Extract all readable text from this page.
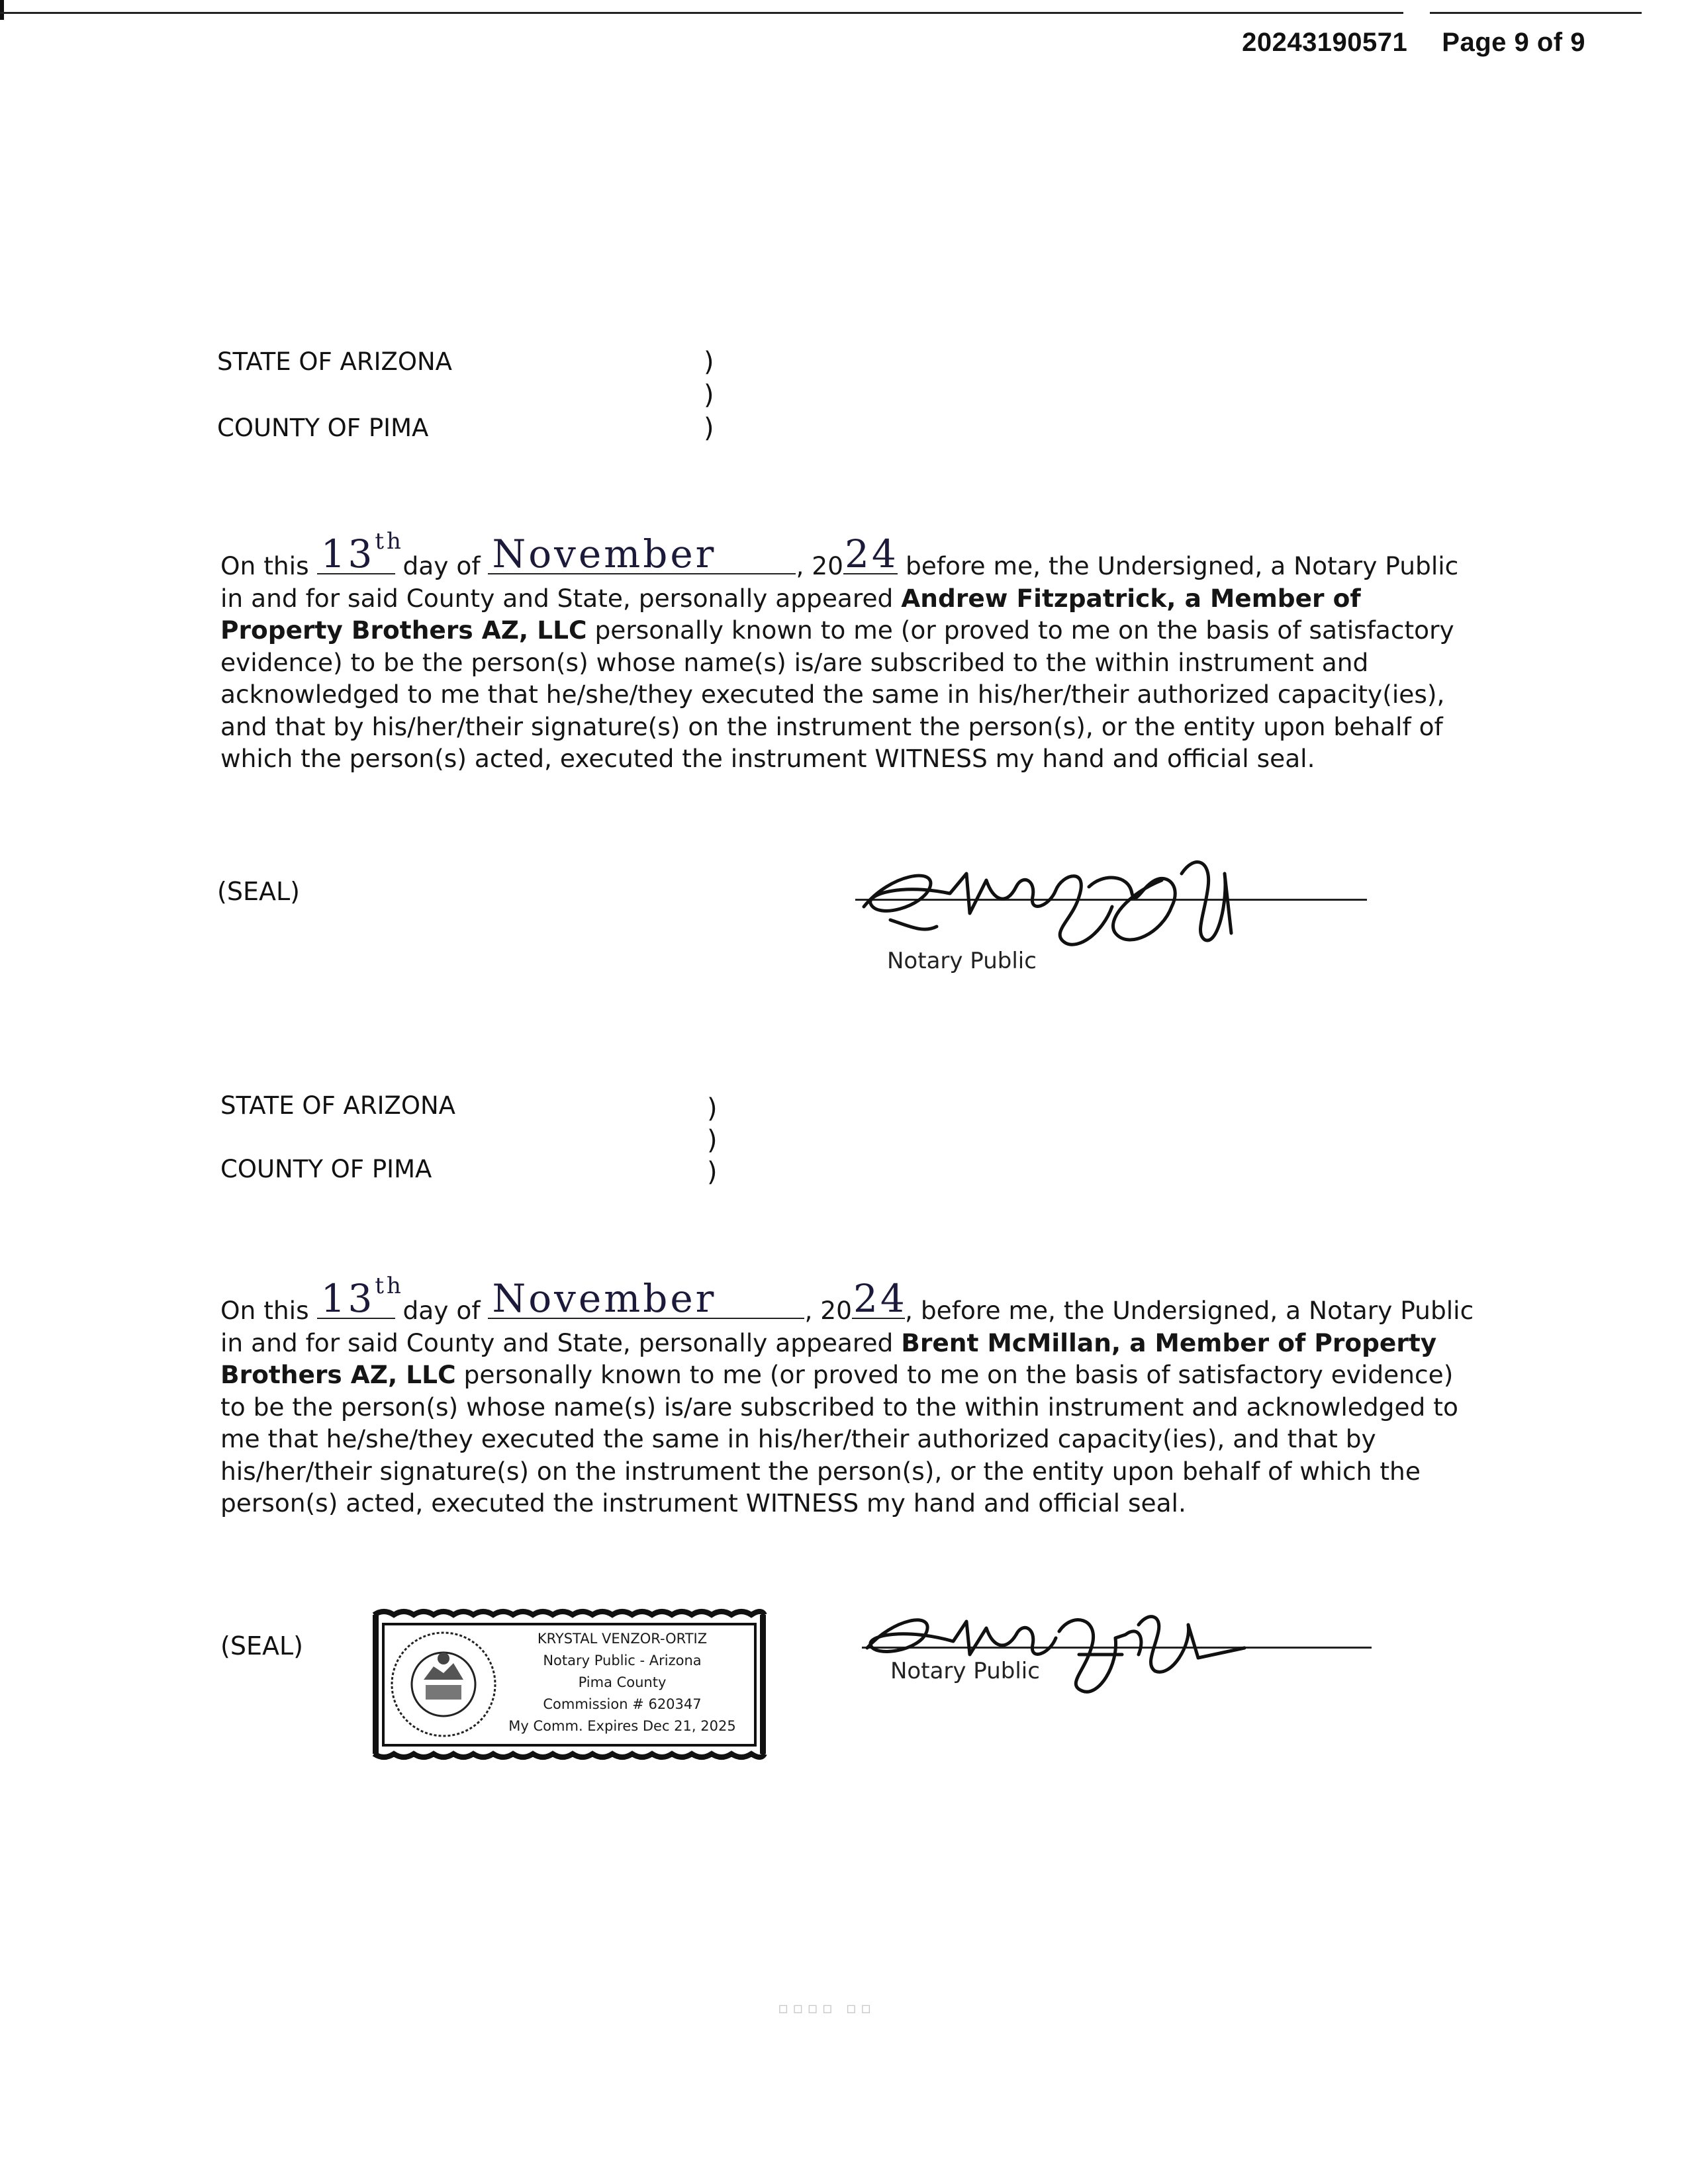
20243190571 Page 9 of 9
STATE OF ARIZONA
COUNTY OF PIMA
)
)
)

On this 13th
day of November	, 20 24 before me, the Undersigned, a Notary Public in and for said County and State, personally appeared Andrew Fitzpatrick, a Member of Property Brothers AZ, LLC personally known to me (or proved to me on the basis of satisfactory evidence) to be the person(s) whose name(s) is/are subscribed to the within instrument and acknowledged to me that he/she/they executed the same in his/her/their authorized capacity(ies), and that by his/her/their signature(s) on the instrument the person(s), or the entity upon behalf of which the person(s) acted, executed the instrument WITNESS my hand and official seal.

(SEAL)
Notary Public
STATE OF ARIZONA
COUNTY OF PIMA
)
)
)

On this 13th
day of November	, 20 24
, before me, the Undersigned, a Notary Public in and for said County and State, personally appeared Brent McMillan, a Member of Property Brothers AZ, LLC personally known to me (or proved to me on the basis of satisfactory evidence) to be the person(s) whose name(s) is/are subscribed to the within instrument and acknowledged to me that he/she/they executed the same in his/her/their authorized capacity(ies), and that by his/her/their signature(s) on the instrument the person(s), or the entity upon behalf of which the person(s) acted, executed the instrument WITNESS my hand and official seal.

(SEAL)	KRYSTAL VENZOR-ORTIZ
Notary Public - Arizona
Pima County
Commission # 620347
My Comm. Expires Dec 21, 2025
Notary Public
▫▫▫▫ ▫▫
